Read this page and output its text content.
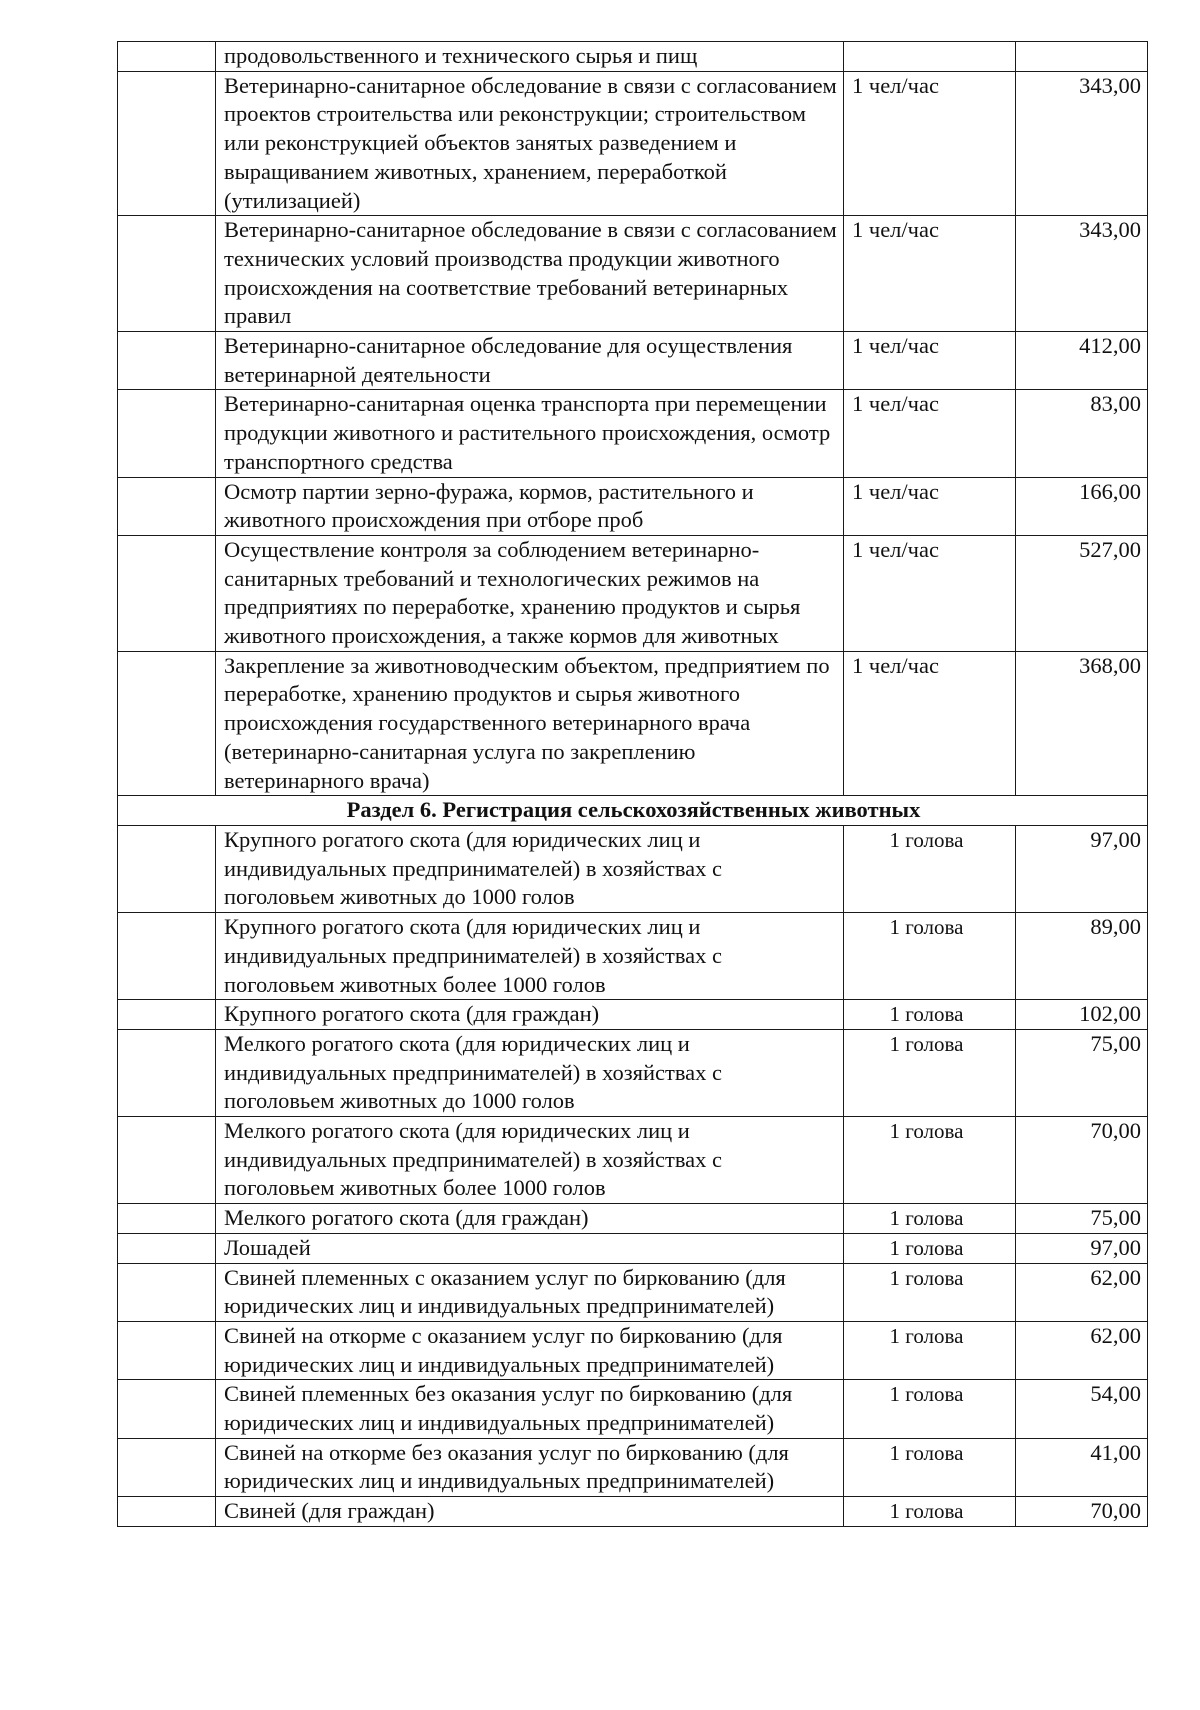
	продовольственного и технического сырья и пищ		
	Ветеринарно-санитарное обследование в связи с согласованием проектов строительства или реконструкции; строительством или реконструкцией объектов занятых разведением и выращиванием животных, хранением, переработкой (утилизацией)	1 чел/час	343,00
	Ветеринарно-санитарное обследование в связи с согласованием технических условий производства продукции животного происхождения на соответствие требований ветеринарных правил	1 чел/час	343,00
	Ветеринарно-санитарное обследование для осуществления ветеринарной деятельности	1 чел/час	412,00
	Ветеринарно-санитарная оценка транспорта при перемещении продукции животного и растительного происхождения, осмотр транспортного средства	1 чел/час	83,00
	Осмотр партии зерно-фуража, кормов, растительного и животного происхождения при отборе проб	1 чел/час	166,00
	Осуществление контроля за соблюдением ветеринарно-санитарных требований и технологических режимов на предприятиях по переработке, хранению продуктов и сырья животного происхождения, а также кормов для животных	1 чел/час	527,00
	Закрепление за животноводческим объектом, предприятием по переработке, хранению продуктов и сырья животного происхождения государственного ветеринарного врача (ветеринарно-санитарная услуга по закреплению ветеринарного врача)	1 чел/час	368,00
Раздел 6. Регистрация сельскохозяйственных животных			
	Крупного рогатого скота (для юридических лиц и индивидуальных предпринимателей) в хозяйствах с поголовьем животных до 1000 голов	1 голова	97,00
	Крупного рогатого скота (для юридических лиц и индивидуальных предпринимателей) в хозяйствах с поголовьем животных более 1000 голов	1 голова	89,00
	Крупного рогатого скота (для граждан)	1 голова	102,00
	Мелкого рогатого скота (для юридических лиц и индивидуальных предпринимателей) в хозяйствах с поголовьем животных до 1000 голов	1 голова	75,00
	Мелкого рогатого скота (для юридических лиц и индивидуальных предпринимателей) в хозяйствах с поголовьем животных более 1000 голов	1 голова	70,00
	Мелкого рогатого скота (для граждан)	1 голова	75,00
	Лошадей	1 голова	97,00
	Свиней племенных с оказанием услуг по биркованию (для юридических лиц и индивидуальных предпринимателей)	1 голова	62,00
	Свиней на откорме с оказанием услуг по биркованию (для юридических лиц и индивидуальных предпринимателей)	1 голова	62,00
	Свиней племенных без оказания услуг по биркованию (для юридических лиц и индивидуальных предпринимателей)	1 голова	54,00
	Свиней на откорме без оказания услуг по биркованию (для юридических лиц и индивидуальных предпринимателей)	1 голова	41,00
	Свиней (для граждан)	1 голова	70,00
